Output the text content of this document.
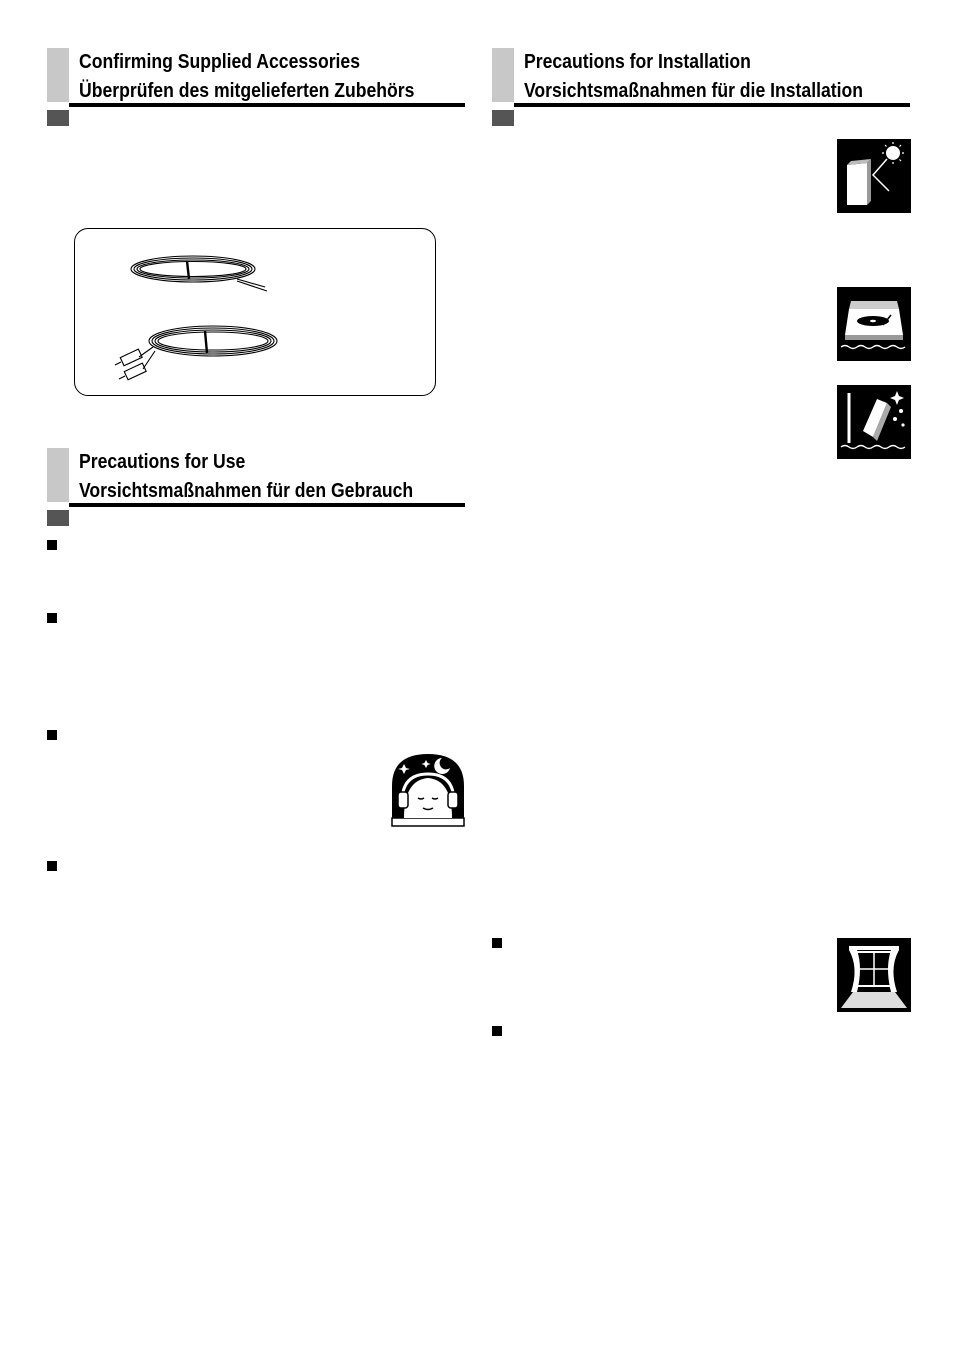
Confirming Supplied Accessories
Überprüfen des mitgelieferten Zubehörs
Precautions for Use
Vorsichtsmaßnahmen für den Gebrauch
Precautions for Installation
Vorsichtsmaßnahmen für die Installation
